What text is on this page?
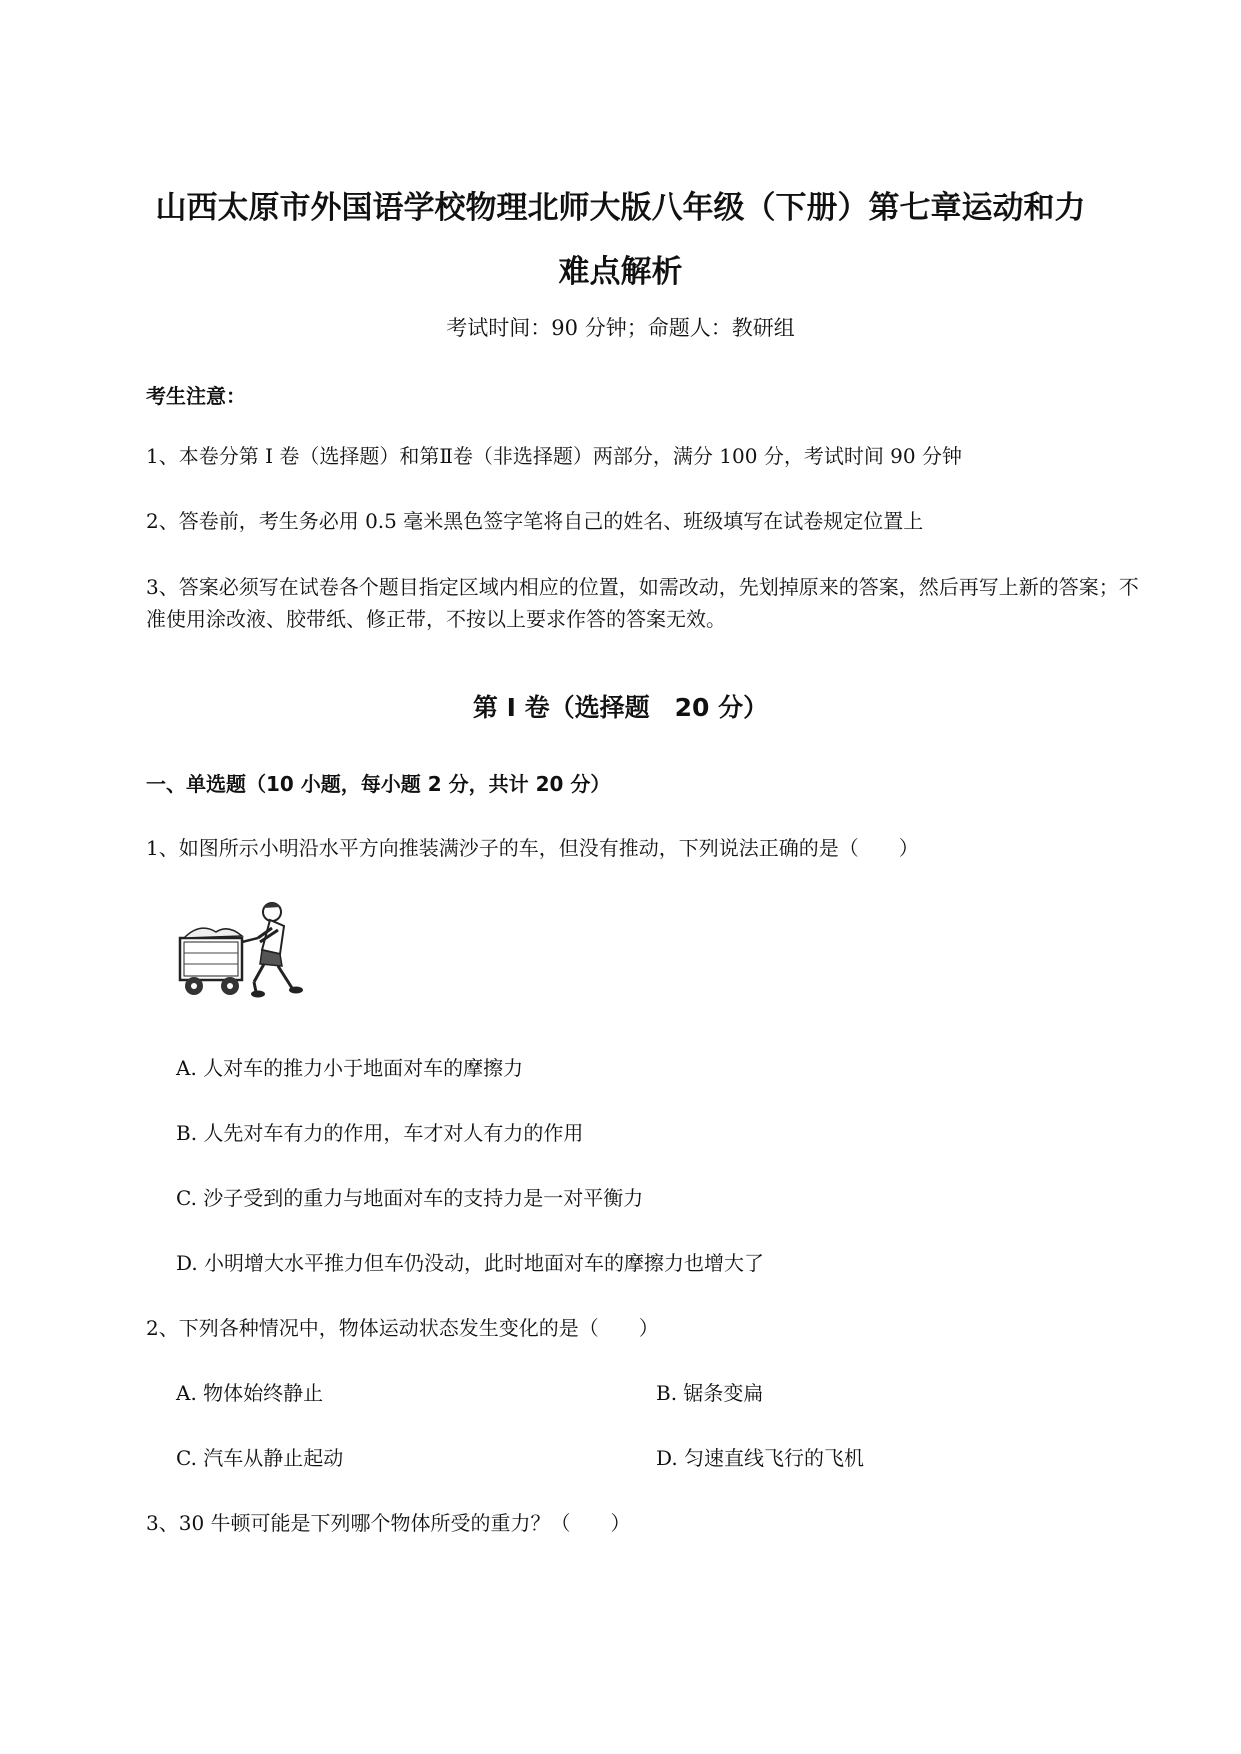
山西太原市外国语学校物理北师大版八年级（下册）第七章运动和力
难点解析
考试时间：90 分钟；命题人：教研组
考生注意：
1、本卷分第 I 卷（选择题）和第Ⅱ卷（非选择题）两部分，满分 100 分，考试时间 90 分钟
2、答卷前，考生务必用 0.5 毫米黑色签字笔将自己的姓名、班级填写在试卷规定位置上
3、答案必须写在试卷各个题目指定区域内相应的位置，如需改动，先划掉原来的答案，然后再写上新的答案；不准使用涂改液、胶带纸、修正带，不按以上要求作答的答案无效。
第 I 卷（选择题　20 分）
一、单选题（10 小题，每小题 2 分，共计 20 分）
1、如图所示小明沿水平方向推装满沙子的车，但没有推动，下列说法正确的是（　　）
A. 人对车的推力小于地面对车的摩擦力
B. 人先对车有力的作用，车才对人有力的作用
C. 沙子受到的重力与地面对车的支持力是一对平衡力
D. 小明增大水平推力但车仍没动，此时地面对车的摩擦力也增大了
2、下列各种情况中，物体运动状态发生变化的是（　　）
A. 物体始终静止	B. 锯条变扁
C. 汽车从静止起动	D. 匀速直线飞行的飞机
3、30 牛顿可能是下列哪个物体所受的重力？（　　）
